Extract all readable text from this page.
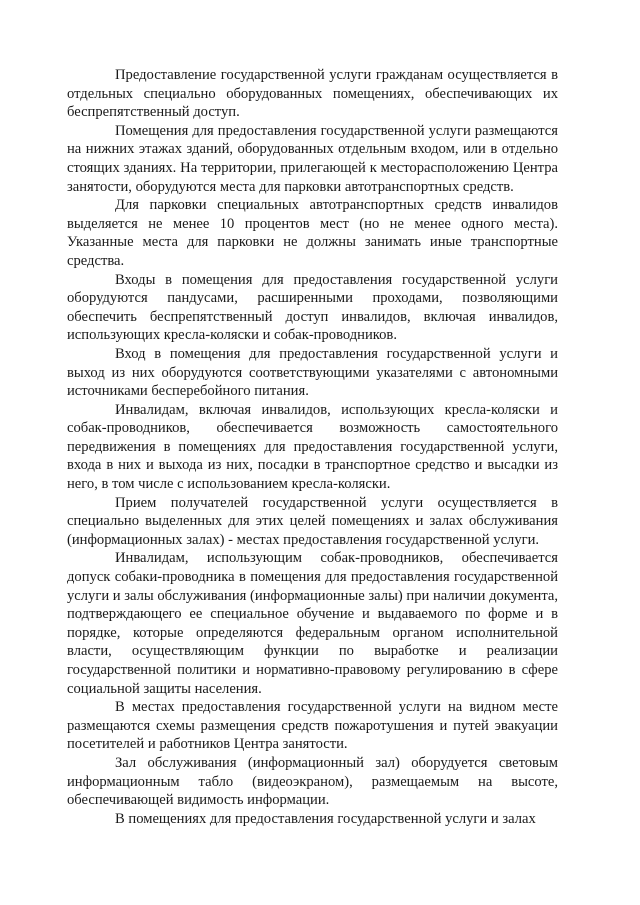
Предоставление государственной услуги гражданам осуществляется в отдельных специально оборудованных помещениях, обеспечивающих их беспрепятственный доступ.

Помещения для предоставления государственной услуги размещаются на нижних этажах зданий, оборудованных отдельным входом, или в отдельно стоящих зданиях. На территории, прилегающей к месторасположению Центра занятости, оборудуются места для парковки автотранспортных средств.

Для парковки специальных автотранспортных средств инвалидов выделяется не менее 10 процентов мест (но не менее одного места). Указанные места для парковки не должны занимать иные транспортные средства.

Входы в помещения для предоставления государственной услуги оборудуются пандусами, расширенными проходами, позволяющими обеспечить беспрепятственный доступ инвалидов, включая инвалидов, использующих кресла-коляски и собак-проводников.

Вход в помещения для предоставления государственной услуги и выход из них оборудуются соответствующими указателями с автономными источниками бесперебойного питания.

Инвалидам, включая инвалидов, использующих кресла-коляски и собак-проводников, обеспечивается возможность самостоятельного передвижения в помещениях для предоставления государственной услуги, входа в них и выхода из них, посадки в транспортное средство и высадки из него, в том числе с использованием кресла-коляски.

Прием получателей государственной услуги осуществляется в специально выделенных для этих целей помещениях и залах обслуживания (информационных залах) - местах предоставления государственной услуги.

Инвалидам, использующим собак-проводников, обеспечивается допуск собаки-проводника в помещения для предоставления государственной услуги и залы обслуживания (информационные залы) при наличии документа, подтверждающего ее специальное обучение и выдаваемого по форме и в порядке, которые определяются федеральным органом исполнительной власти, осуществляющим функции по выработке и реализации государственной политики и нормативно-правовому регулированию в сфере социальной защиты населения.

В местах предоставления государственной услуги на видном месте размещаются схемы размещения средств пожаротушения и путей эвакуации посетителей и работников Центра занятости.

Зал обслуживания (информационный зал) оборудуется световым информационным табло (видеоэкраном), размещаемым на высоте, обеспечивающей видимость информации.

В помещениях для предоставления государственной услуги и залах
